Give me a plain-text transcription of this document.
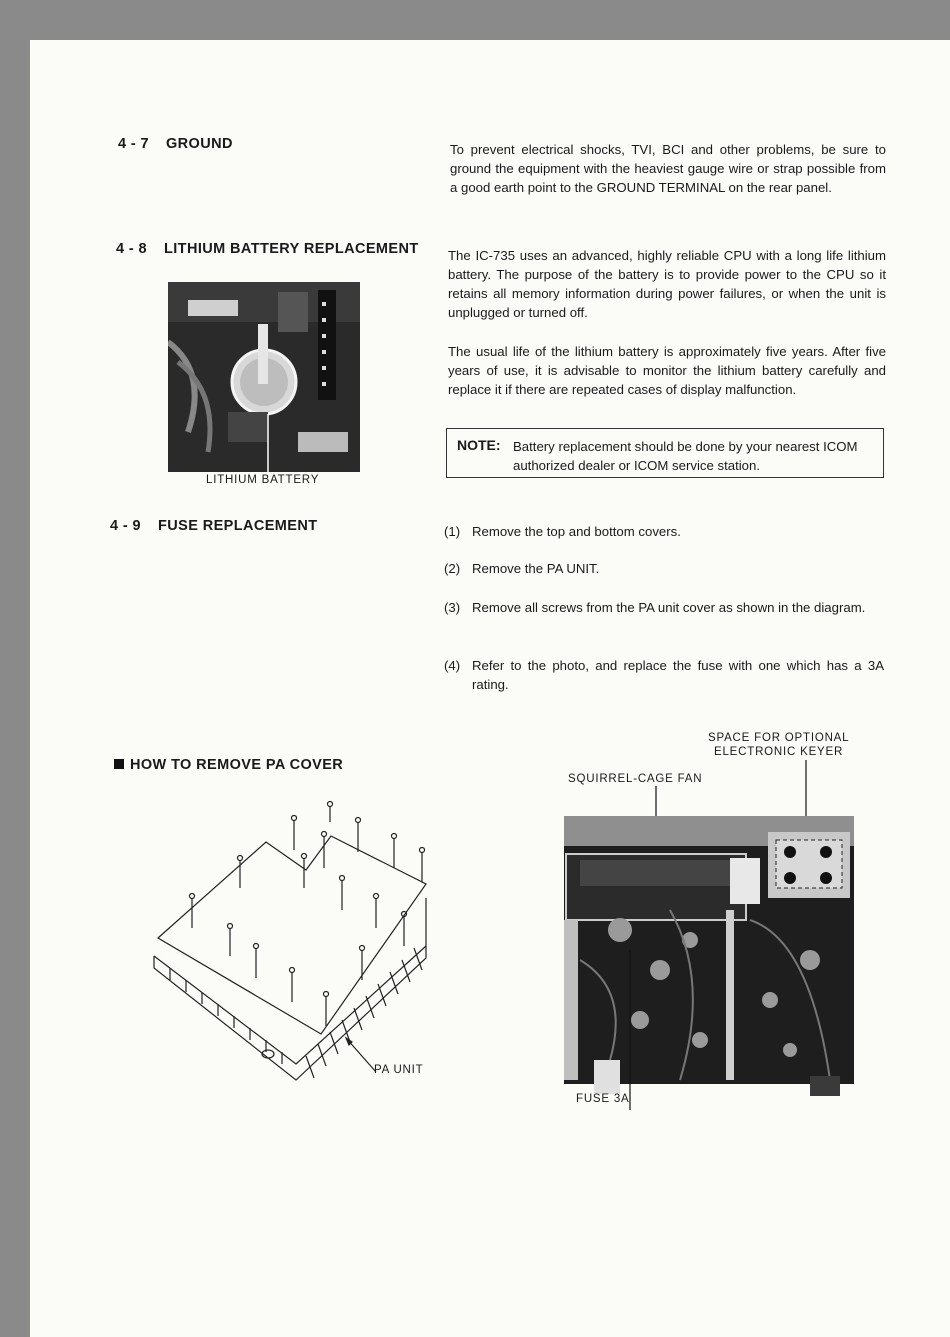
4 - 7 GROUND	To prevent electrical shocks, TVI, BCI and other problems, be sure to ground the equipment with the heaviest gauge wire or strap possible from a good earth point to the GROUND TERMINAL on the rear panel.
4 - 8 LITHIUM BATTERY REPLACEMENT The IC-735 uses an advanced, highly reliable CPU with a long life lithium battery. The purpose of the battery is to provide power to the CPU so it retains all memory information during power failures, or when the unit is unplugged or turned off.
The usual life of the lithium battery is approximately five years. After five years of use, it is advisable to monitor the lithium battery carefully and replace it if there are repeated cases of display malfunction.
NOTE: Battery replacement should be done by your nearest ICOM authorized dealer or ICOM service station.
LITHIUM BATTERY
4 - 9 FUSE REPLACEMENT	(1) Remove the top and bottom covers.
(2) Remove the PA UNIT.
(3) Remove all screws from the PA unit cover as shown in the diagram.
(4) Refer to the photo, and replace the fuse with one which has a 3A rating.
HOW TO REMOVE PA COVER
PA UNIT
SPACE FOR OPTIONAL
ELECTRONIC KEYER
SQUIRREL-CAGE FAN
FUSE 3A
